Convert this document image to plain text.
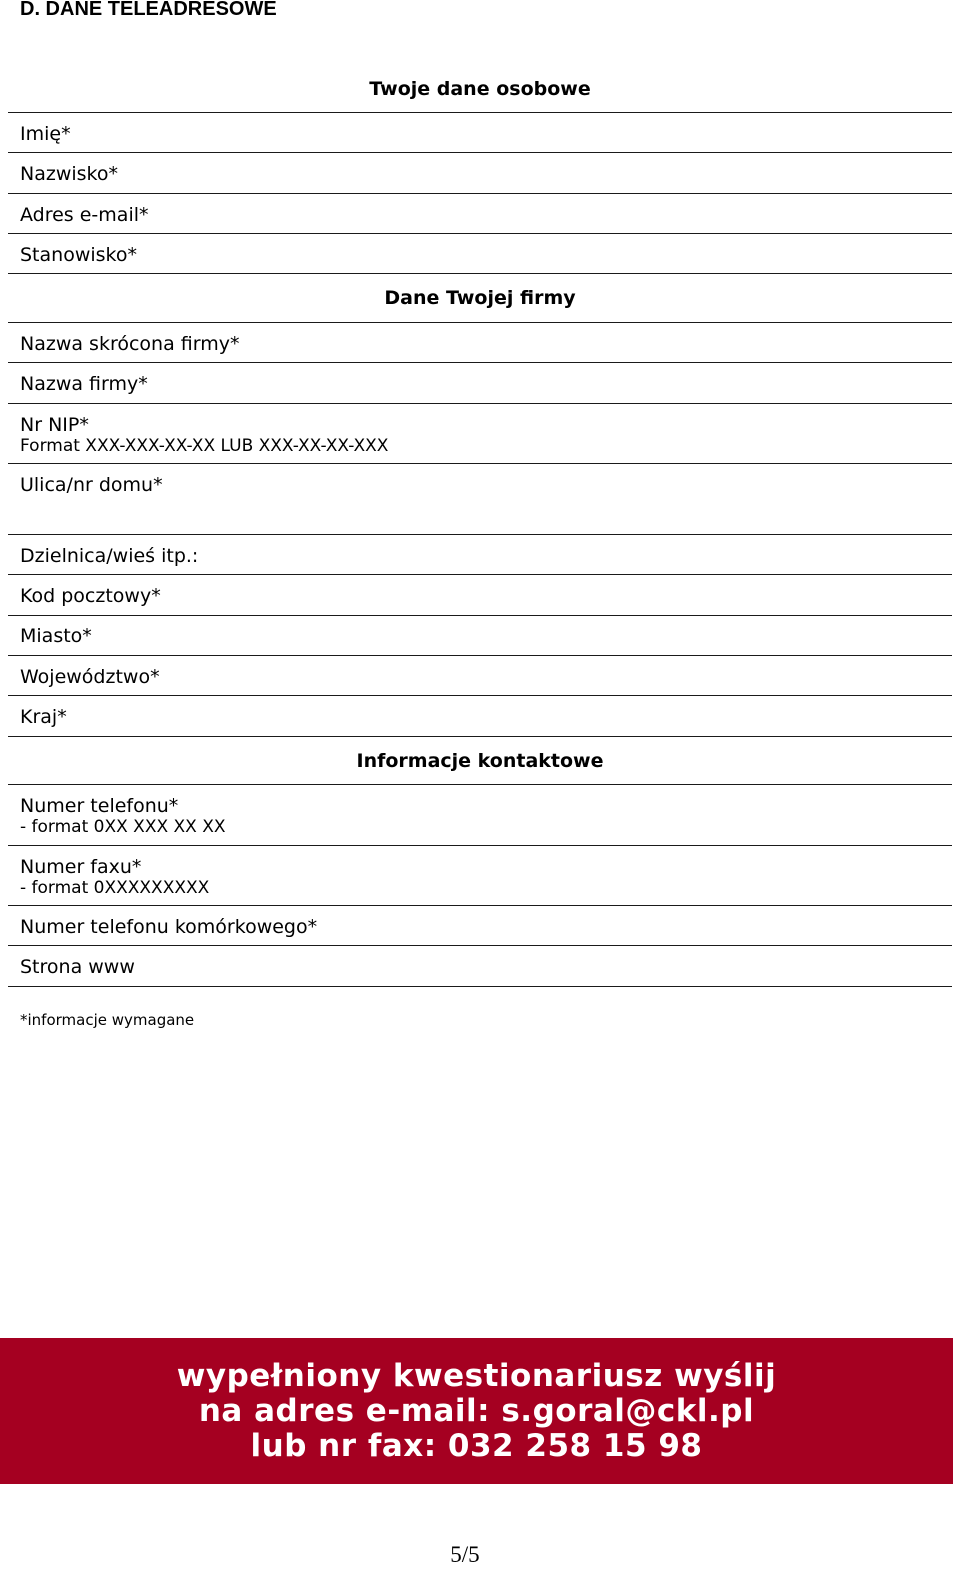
D. DANE TELEADRESOWE
Twoje dane osobowe
Imię*
Nazwisko*
Adres e-mail*
Stanowisko*
Dane Twojej firmy
Nazwa skrócona firmy*
Nazwa firmy*
Nr NIP*
Format XXX-XXX-XX-XX LUB XXX-XX-XX-XXX
Ulica/nr domu*
Dzielnica/wieś itp.:
Kod pocztowy*
Miasto*
Województwo*
Kraj*
Informacje kontaktowe
Numer telefonu*
- format 0XX XXX XX XX
Numer faxu*
- format 0XXXXXXXXX
Numer telefonu komórkowego*
Strona www
*informacje wymagane
wypełniony kwestionariusz wyślij
na adres e-mail: s.goral@ckl.pl
lub nr fax: 032 258 15 98
5/5
